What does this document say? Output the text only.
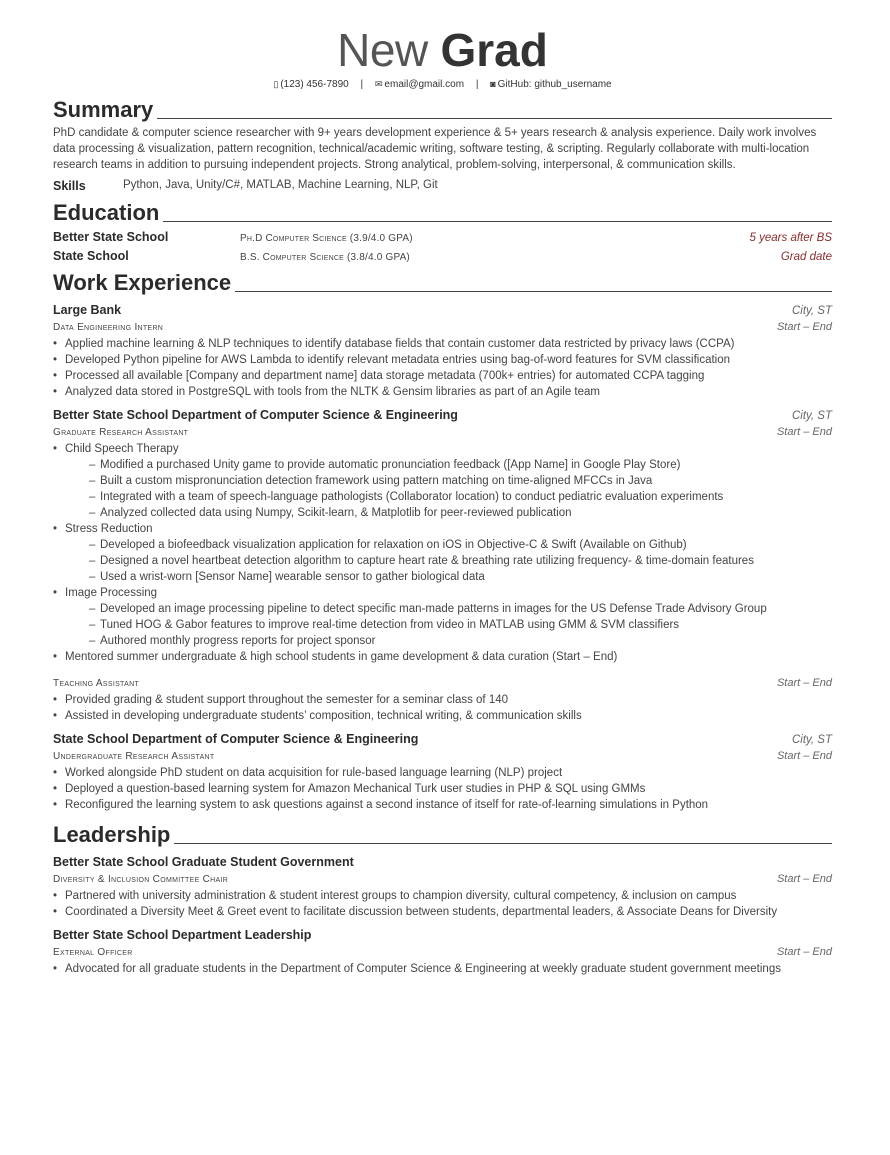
New Grad
▯ (123) 456-7890 | ✉ email@gmail.com | ◙ GitHub: github_username
Summary
PhD candidate & computer science researcher with 9+ years development experience & 5+ years research & analysis experience. Daily work involves data processing & visualization, pattern recognition, technical/academic writing, software testing, & scripting. Regularly collaborate with multi-location research teams in addition to pursuing independent projects. Strong analytical, problem-solving, interpersonal, & communication skills.
Skills	Python, Java, Unity/C#, MATLAB, Machine Learning, NLP, Git
Education
Better State School	Ph.D Computer Science (3.9/4.0 GPA)	5 years after BS
State School	B.S. Computer Science (3.8/4.0 GPA)	Grad date
Work Experience
Large Bank	City, ST
Data Engineering Intern	Start – End
• Applied machine learning & NLP techniques to identify database fields that contain customer data restricted by privacy laws (CCPA)
• Developed Python pipeline for AWS Lambda to identify relevant metadata entries using bag-of-word features for SVM classification
• Processed all available [Company and department name] data storage metadata (700k+ entries) for automated CCPA tagging
• Analyzed data stored in PostgreSQL with tools from the NLTK & Gensim libraries as part of an Agile team
Better State School Department of Computer Science & Engineering	City, ST
Graduate Research Assistant	Start – End
• Child Speech Therapy
– Modified a purchased Unity game to provide automatic pronunciation feedback ([App Name] in Google Play Store)
– Built a custom mispronunciation detection framework using pattern matching on time-aligned MFCCs in Java
– Integrated with a team of speech-language pathologists (Collaborator location) to conduct pediatric evaluation experiments
– Analyzed collected data using Numpy, Scikit-learn, & Matplotlib for peer-reviewed publication
• Stress Reduction
– Developed a biofeedback visualization application for relaxation on iOS in Objective-C & Swift (Available on Github)
– Designed a novel heartbeat detection algorithm to capture heart rate & breathing rate utilizing frequency- & time-domain features
– Used a wrist-worn [Sensor Name] wearable sensor to gather biological data
• Image Processing
– Developed an image processing pipeline to detect specific man-made patterns in images for the US Defense Trade Advisory Group
– Tuned HOG & Gabor features to improve real-time detection from video in MATLAB using GMM & SVM classifiers
– Authored monthly progress reports for project sponsor
• Mentored summer undergraduate & high school students in game development & data curation (Start – End)
Teaching Assistant	Start – End
• Provided grading & student support throughout the semester for a seminar class of 140
• Assisted in developing undergraduate students’ composition, technical writing, & communication skills
State School Department of Computer Science & Engineering	City, ST
Undergraduate Research Assistant	Start – End
• Worked alongside PhD student on data acquisition for rule-based language learning (NLP) project
• Deployed a question-based learning system for Amazon Mechanical Turk user studies in PHP & SQL using GMMs
• Reconfigured the learning system to ask questions against a second instance of itself for rate-of-learning simulations in Python
Leadership
Better State School Graduate Student Government
Diversity & Inclusion Committee Chair	Start – End
• Partnered with university administration & student interest groups to champion diversity, cultural competency, & inclusion on campus
• Coordinated a Diversity Meet & Greet event to facilitate discussion between students, departmental leaders, & Associate Deans for Diversity
Better State School Department Leadership
External Officer	Start – End
• Advocated for all graduate students in the Department of Computer Science & Engineering at weekly graduate student government meetings
